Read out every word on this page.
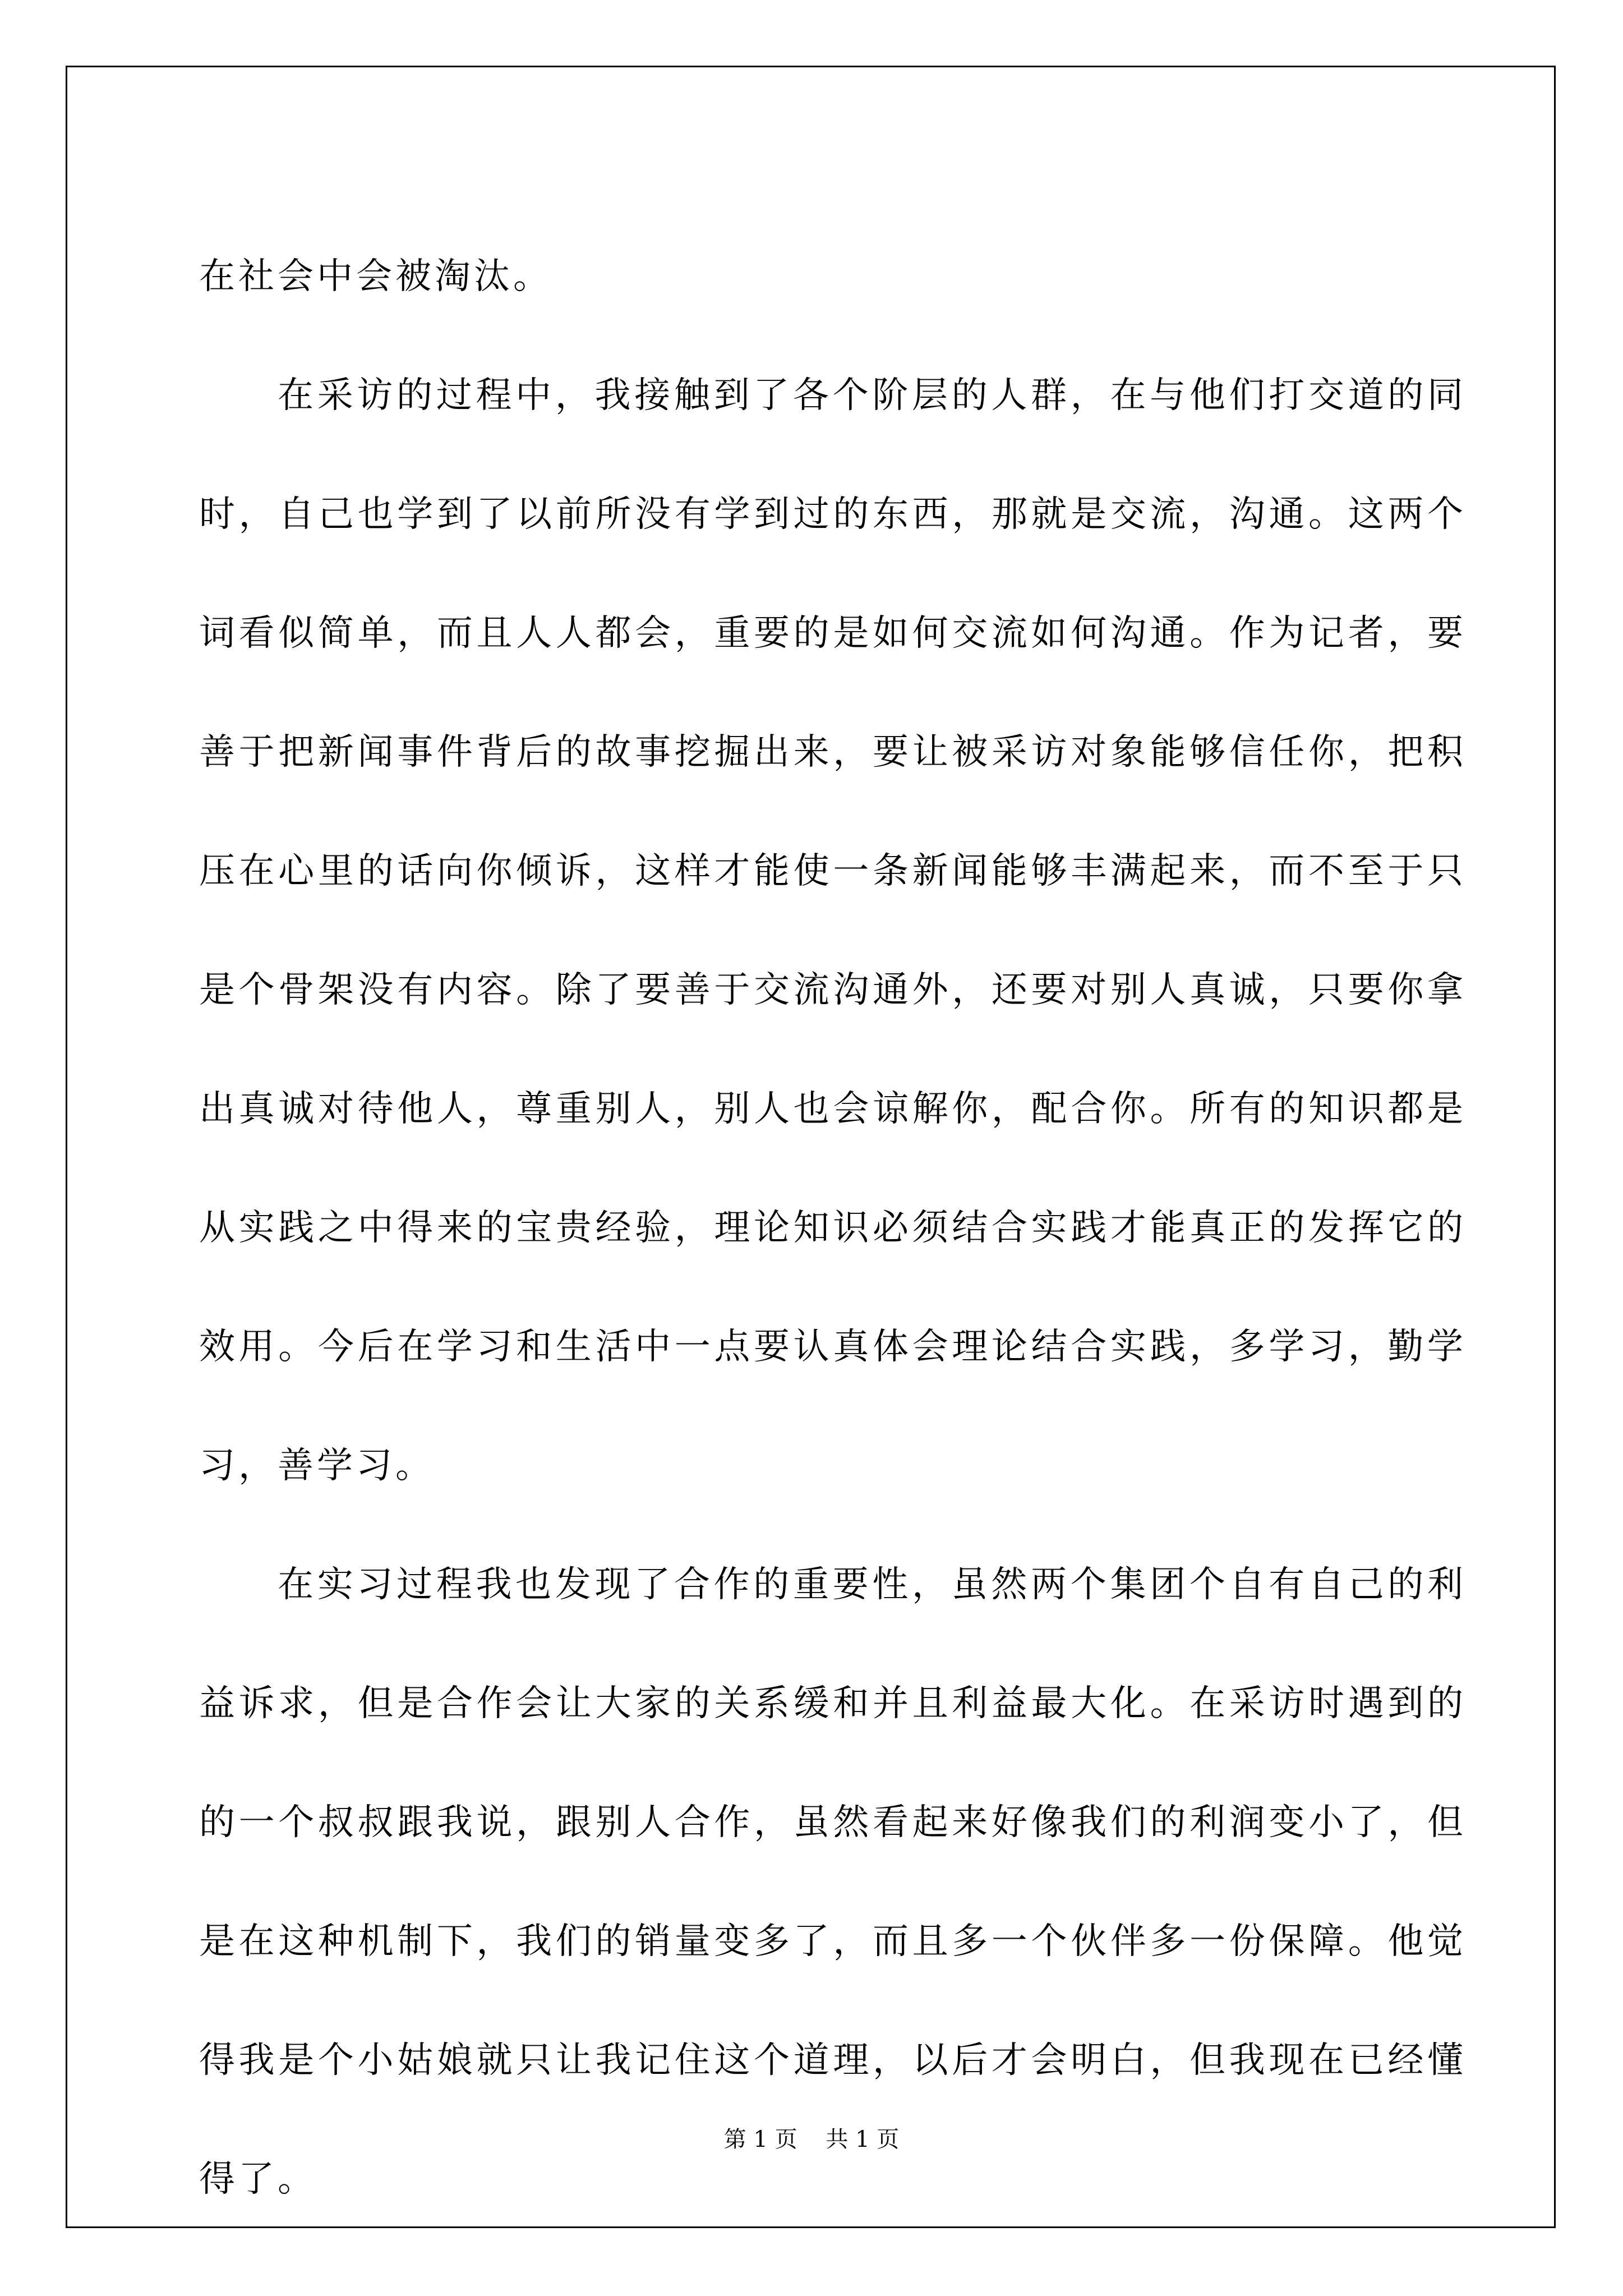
在社会中会被淘汰。

在采访的过程中，我接触到了各个阶层的人群，在与他们打交道的同时，自己也学到了以前所没有学到过的东西，那就是交流，沟通。这两个词看似简单，而且人人都会，重要的是如何交流如何沟通。作为记者，要善于把新闻事件背后的故事挖掘出来，要让被采访对象能够信任你，把积压在心里的话向你倾诉，这样才能使一条新闻能够丰满起来，而不至于只是个骨架没有内容。除了要善于交流沟通外，还要对别人真诚，只要你拿出真诚对待他人，尊重别人，别人也会谅解你，配合你。所有的知识都是从实践之中得来的宝贵经验，理论知识必须结合实践才能真正的发挥它的效用。今后在学习和生活中一点要认真体会理论结合实践，多学习，勤学习，善学习。

在实习过程我也发现了合作的重要性，虽然两个集团个自有自己的利益诉求，但是合作会让大家的关系缓和并且利益最大化。在采访时遇到的的一个叔叔跟我说，跟别人合作，虽然看起来好像我们的利润变小了，但是在这种机制下，我们的销量变多了，而且多一个伙伴多一份保障。他觉得我是个小姑娘就只让我记住这个道理，以后才会明白，但我现在已经懂得了。

第 1 页    共 1 页
